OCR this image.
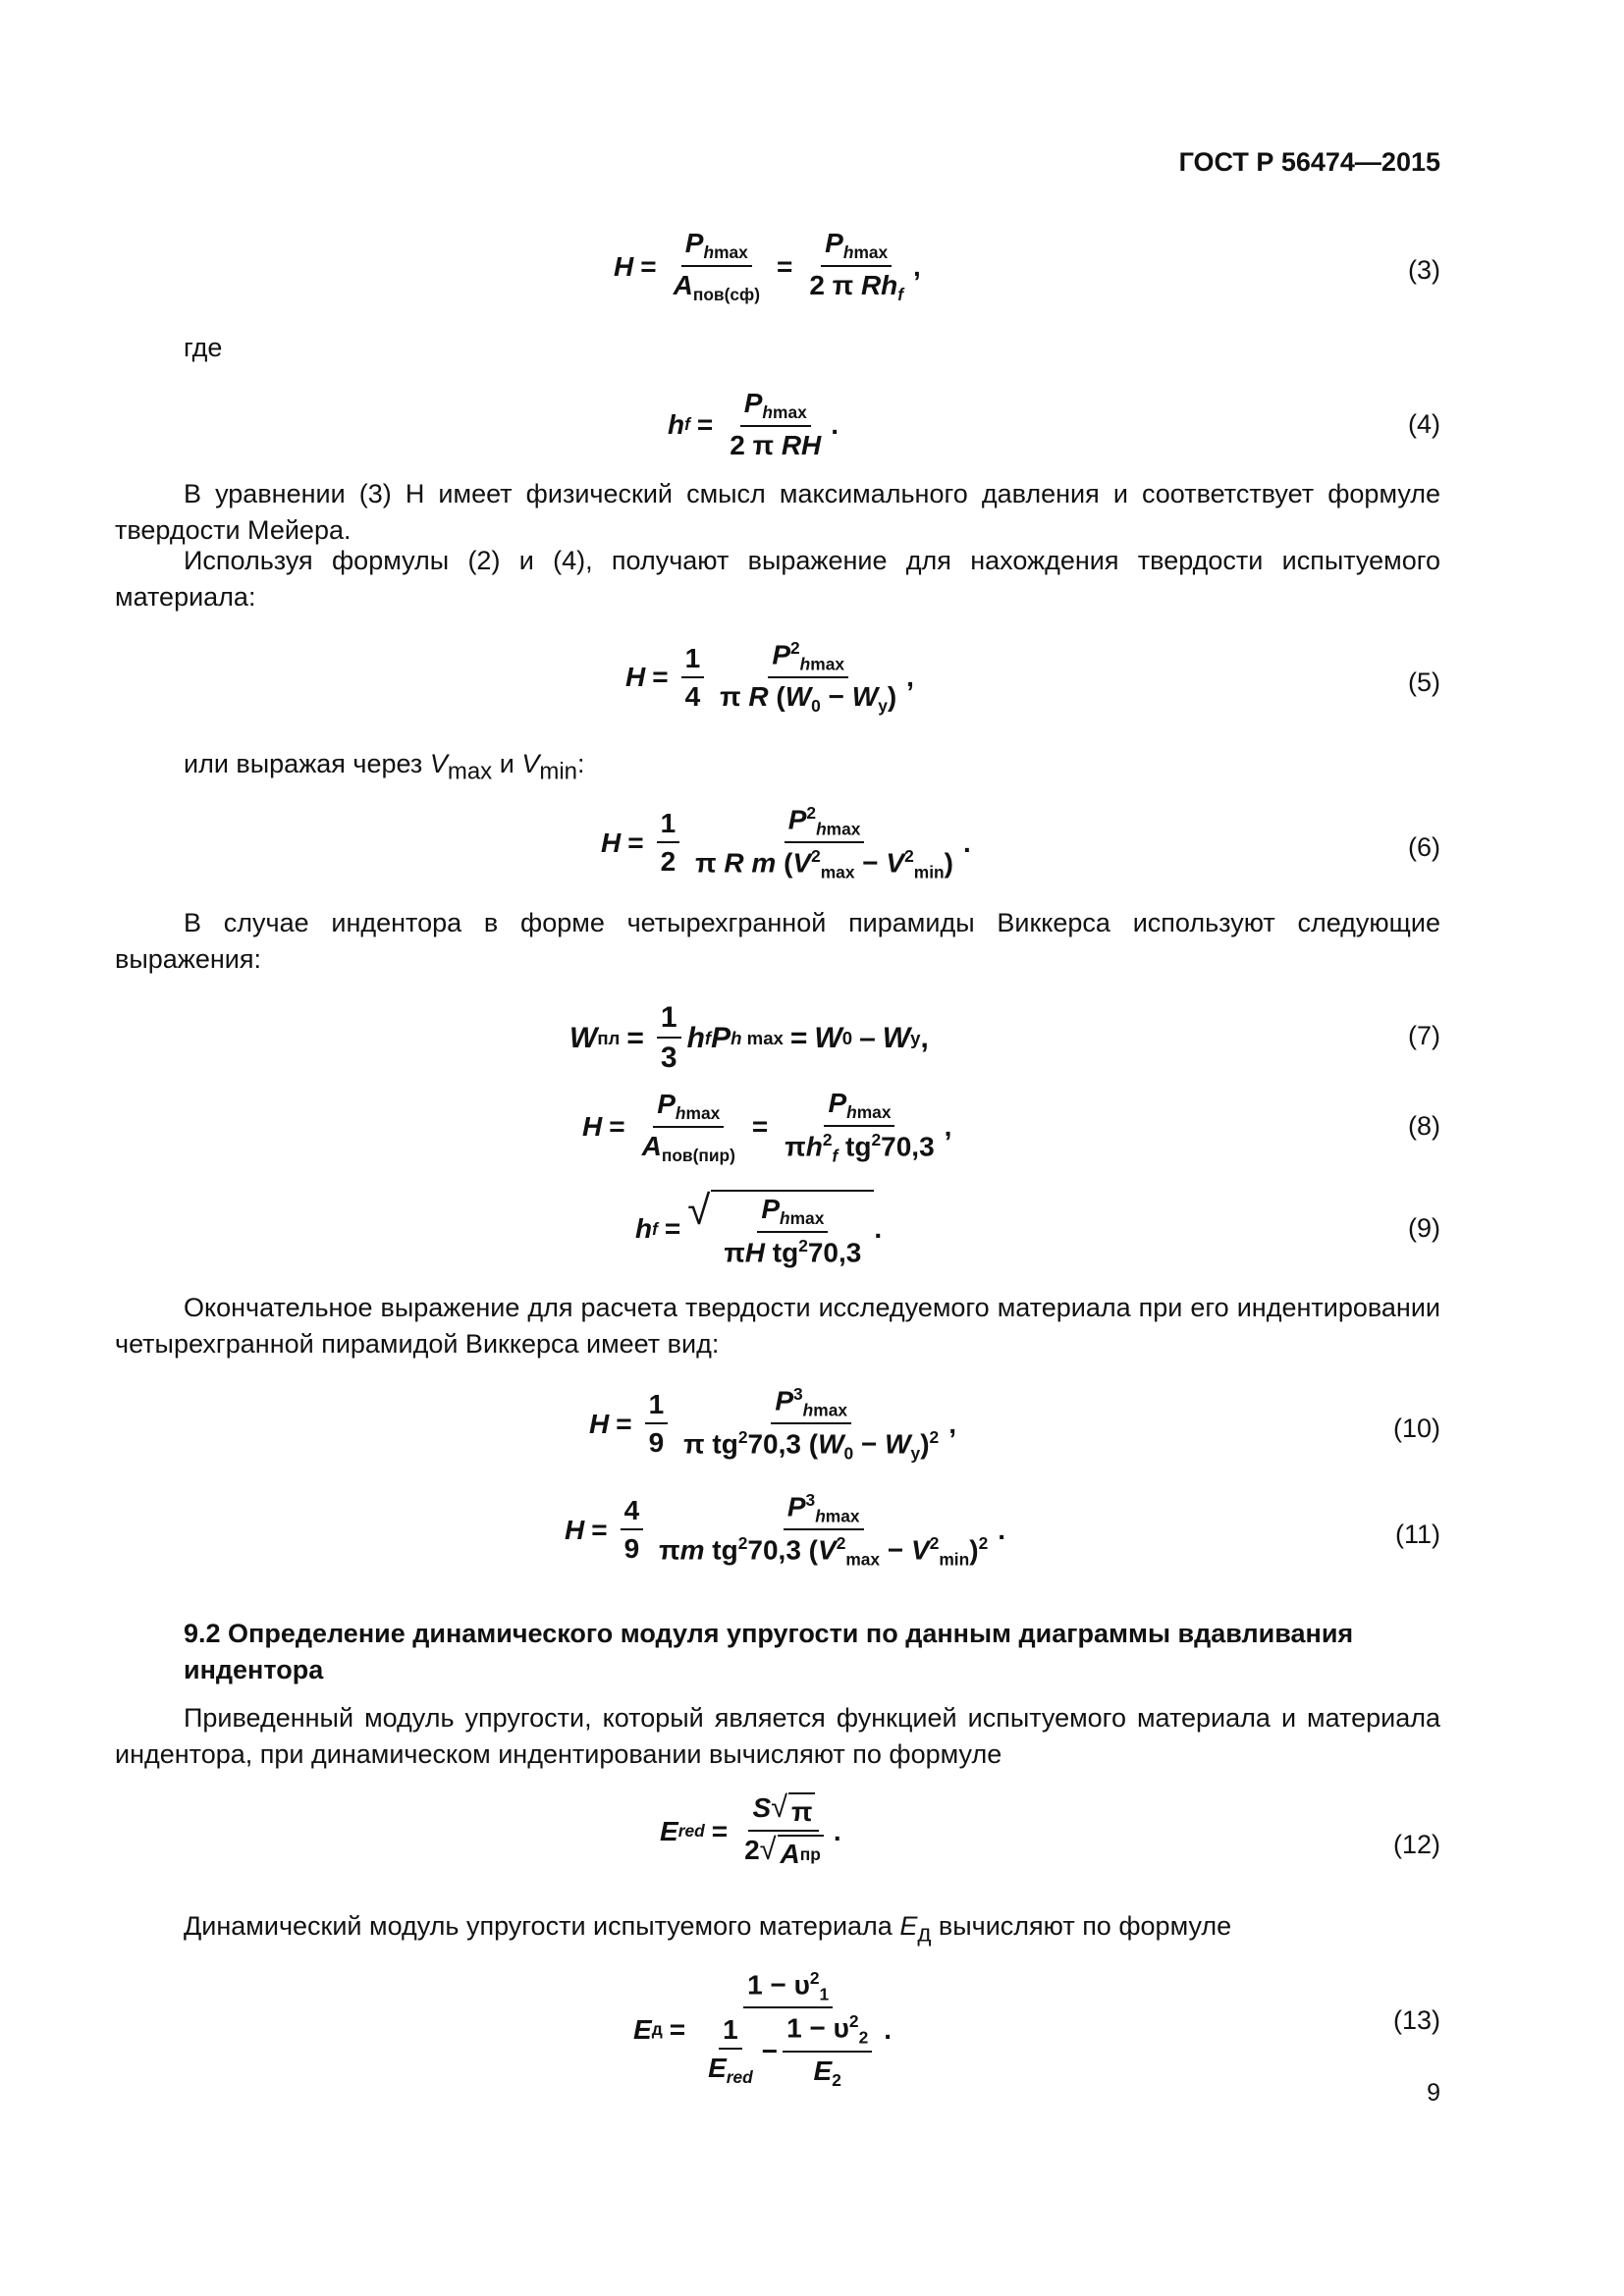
ГОСТ Р 56474—2015
H =
$P_{hmax}$
$A_{пов(сф)}$
=
$P_{hmax}$
2 π $Rh_f$
,	(3)
где
h f =
$P_{hmax}$
2 π RH
.	(4)

В уравнении (3) H имеет физический смысл максимального давления и соответствует формуле твердости Мейера.

Используя формулы (2) и (4), получают выражение для нахождения твердости испытуемого материала:

$H = \frac{1}{4} P^2_{hmax}$
π R $(W_0 - W_у)$
,	(5)
или выражая через $V_{max}$ и $V_{min}$:
$H = \frac{1}{2}$	$P^2_{hmax}$
π R m $(V^2_{max} - V^2_{min})$
.	(6)

В случае индентора в форме четырехгранной пирамиды Виккерса используют следующие выражения:

W пл = $\frac{1}{3}$ h f P h max = W 0 – W у ,	(7)
H =
$P_{hmax}$
$A_{пов(пир)}$
=
$P_{hmax}$
$\pi h^2_f$ $tg^270,3$
,	(8)
h f = √ $P_{hmax}$
πH $tg^270,3$
.	(9)

Окончательное выражение для расчета твердости исследуемого материала при его индентировании четырехгранной пирамидой Виккерса имеет вид:

$H = \frac{1}{9}$	$P^3_{hmax}$
π $tg^270,3$ $(W_0 - W_у)^2$ ,	(10)
$H = \frac{4}{9}$	$P^3_{hmax}$
πm $tg^270,3$ $(V^2_{max} - V^2_{min})^2$ .	(11)
9.2 Определение динамического модуля упругости по данным диаграммы вдавливания индентора

Приведенный модуль упругости, который является функцией испытуемого материала и материала индентора, при динамическом индентировании вычисляют по формуле

E red =
S √ π
2 √ A пр
.	(12)
Динамический модуль упругости испытуемого материала $E_д$ вычисляют по формуле
E д =
$1 - \upsilon^2_1$
1
$E_{red}$
− $\frac{1 - \upsilon^2_2}{E_2}$ .	(13)
9
